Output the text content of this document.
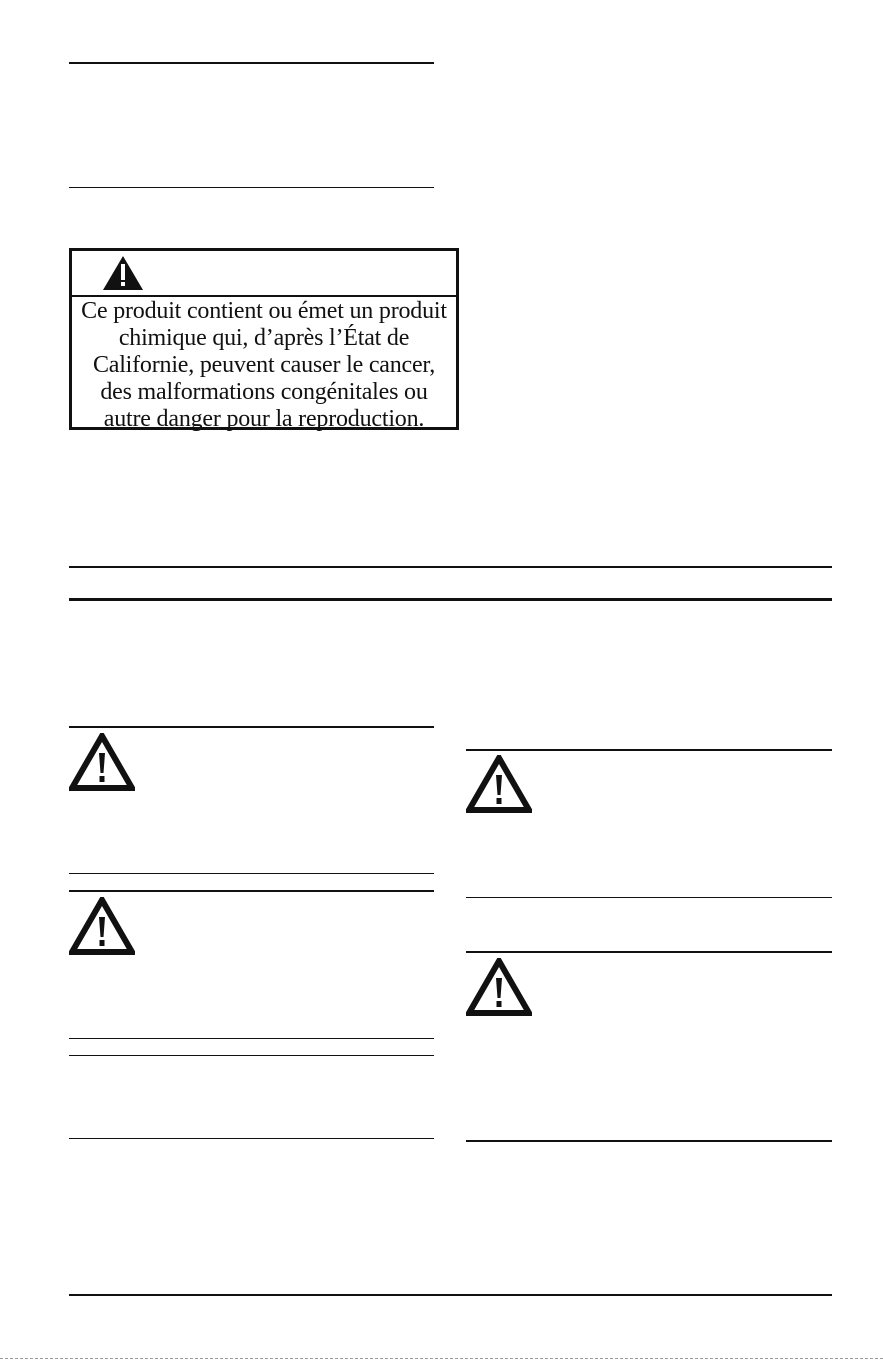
Ce produit contient ou émet un produit
chimique qui, d’après l’État de
Californie, peuvent causer le cancer,
des malformations congénitales ou
autre danger pour la reproduction.
